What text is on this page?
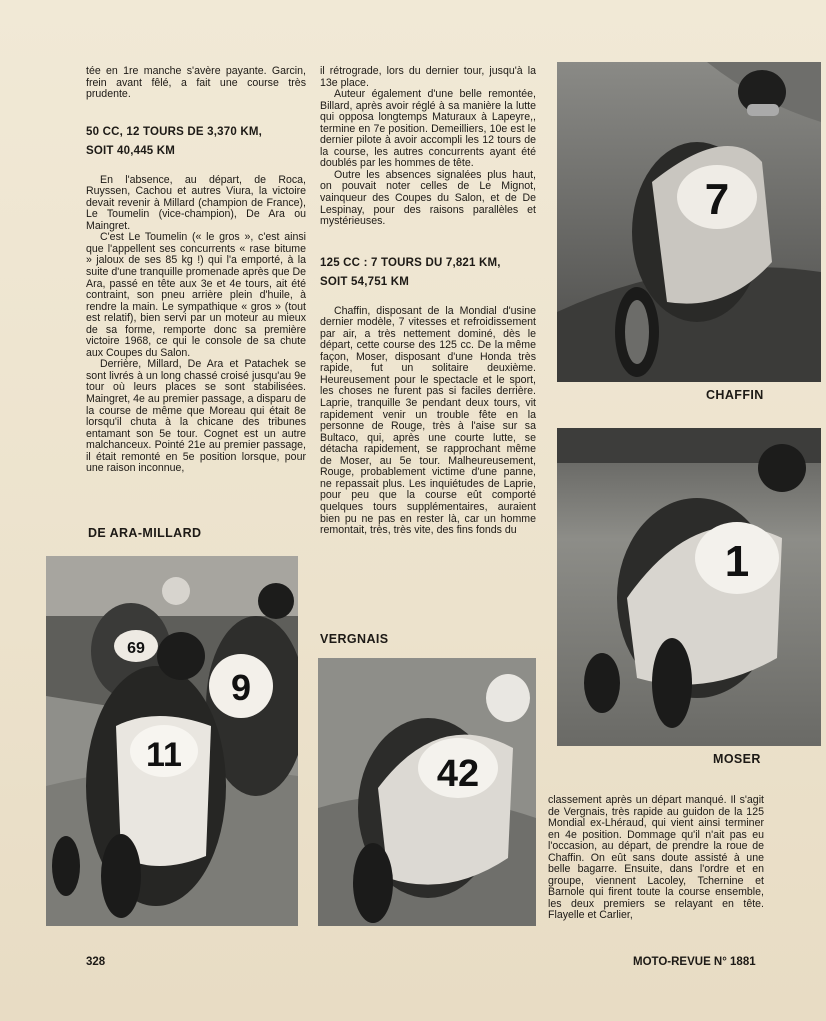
tée en 1re manche s'avère payante. Garcin, frein avant fêlé, a fait une course très prudente.

50 CC, 12 TOURS DE 3,370 KM,
SOIT 40,445 KM

En l'absence, au départ, de Roca, Ruyssen, Cachou et autres Viura, la victoire devait revenir à Millard (champion de France), Le Toumelin (vice-champion), De Ara ou Maingret.

C'est Le Toumelin (« le gros », c'est ainsi que l'appellent ses concurrents « rase bitume » jaloux de ses 85 kg !) qui l'a emporté, à la suite d'une tranquille promenade après que De Ara, passé en tête aux 3e et 4e tours, ait été contraint, son pneu arrière plein d'huile, à rendre la main. Le sympathique « gros » (tout est relatif), bien servi par un moteur au mieux de sa forme, remporte donc sa première victoire 1968, ce qui le console de sa chute aux Coupes du Salon.

Derrière, Millard, De Ara et Patachek se sont livrés à un long chassé croisé jusqu'au 9e tour où leurs places se sont stabilisées. Maingret, 4e au premier passage, a disparu de la course de même que Moreau qui était 8e lorsqu'il chuta à la chicane des tribunes entamant son 5e tour. Cognet est un autre malchanceux. Pointé 21e au premier passage, il était remonté en 5e position lorsque, pour une raison inconnue,

il rétrograde, lors du dernier tour, jusqu'à la 13e place.

Auteur également d'une belle remontée, Billard, après avoir réglé à sa manière la lutte qui opposa longtemps Maturaux à Lapeyre,, termine en 7e position. Demeilliers, 10e est le dernier pilote à avoir accompli les 12 tours de la course, les autres concurrents ayant été doublés par les hommes de tête.

Outre les absences signalées plus haut, on pouvait noter celles de Le Mignot, vainqueur des Coupes du Salon, et de De Lespinay, pour des raisons parallèles et mystérieuses.

125 CC : 7 TOURS DU 7,821 KM,
SOIT 54,751 KM

Chaffin, disposant de la Mondial d'usine dernier modèle, 7 vitesses et refroidissement par air, a très nettement dominé, dès le départ, cette course des 125 cc. De la même façon, Moser, disposant d'une Honda très rapide, fut un solitaire deuxième. Heureusement pour le spectacle et le sport, les choses ne furent pas si faciles derrière. Laprie, tranquille 3e pendant deux tours, vit rapidement venir un trouble fête en la personne de Rouge, très à l'aise sur sa Bultaco, qui, après une courte lutte, se détacha rapidement, se rapprochant même de Moser, au 5e tour. Malheureusement, Rouge, probablement victime d'une panne, ne repassait plus. Les inquiétudes de Laprie, pour peu que la course eût comporté quelques tours supplémentaires, auraient bien pu ne pas en rester là, car un homme remontait, très, très vite, des fins fonds du

classement après un départ manqué. Il s'agit de Vergnais, très rapide au guidon de la 125 Mondial ex-Lhéraud, qui vient ainsi terminer en 4e position. Dommage qu'il n'ait pas eu l'occasion, au départ, de prendre la roue de Chaffin. On eût sans doute assisté à une belle bagarre. Ensuite, dans l'ordre et en groupe, viennent Lacoley, Tchernine et Barnole qui firent toute la course ensemble, les deux premiers se relayant en tête. Flayelle et Carlier,

7
CHAFFIN
1
MOSER
VERGNAIS
42
DE ARA-MILLARD
69
9
11
328	MOTO-REVUE N° 1881
